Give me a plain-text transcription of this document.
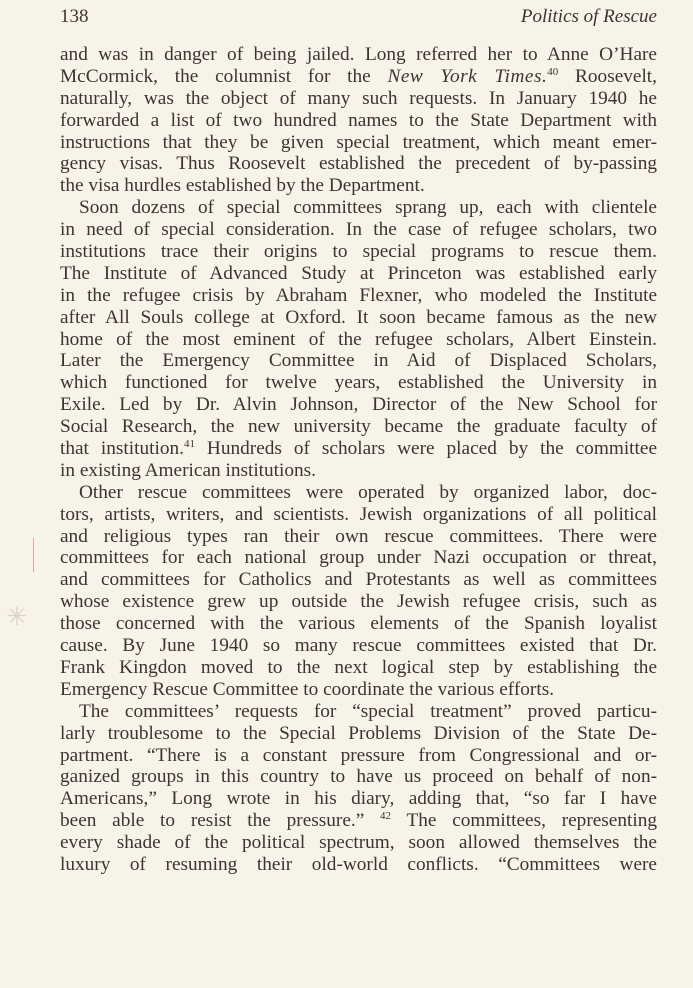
138	Politics of Rescue
and was in danger of being jailed. Long referred her to Anne O’Hare
McCormick, the columnist for the New York Times.$^{40}$ Roosevelt,
naturally, was the object of many such requests. In January 1940 he
forwarded a list of two hundred names to the State Department with
instructions that they be given special treatment, which meant emer-
gency visas. Thus Roosevelt established the precedent of by-passing
the visa hurdles established by the Department.
Soon dozens of special committees sprang up, each with clientele
in need of special consideration. In the case of refugee scholars, two
institutions trace their origins to special programs to rescue them.
The Institute of Advanced Study at Princeton was established early
in the refugee crisis by Abraham Flexner, who modeled the Institute
after All Souls college at Oxford. It soon became famous as the new
home of the most eminent of the refugee scholars, Albert Einstein.
Later the Emergency Committee in Aid of Displaced Scholars,
which functioned for twelve years, established the University in
Exile. Led by Dr. Alvin Johnson, Director of the New School for
Social Research, the new university became the graduate faculty of
that institution.$^{41}$ Hundreds of scholars were placed by the committee
in existing American institutions.
Other rescue committees were operated by organized labor, doc-
tors, artists, writers, and scientists. Jewish organizations of all political
and religious types ran their own rescue committees. There were
committees for each national group under Nazi occupation or threat,
and committees for Catholics and Protestants as well as committees
whose existence grew up outside the Jewish refugee crisis, such as
those concerned with the various elements of the Spanish loyalist
cause. By June 1940 so many rescue committees existed that Dr.
Frank Kingdon moved to the next logical step by establishing the
Emergency Rescue Committee to coordinate the various efforts.
The committees’ requests for “special treatment” proved particu-
larly troublesome to the Special Problems Division of the State De-
partment. “There is a constant pressure from Congressional and or-
ganized groups in this country to have us proceed on behalf of non-
Americans,” Long wrote in his diary, adding that, “so far I have
been able to resist the pressure.” $^{42}$ The committees, representing
every shade of the political spectrum, soon allowed themselves the
luxury of resuming their old-world conflicts. “Committees were
✳
